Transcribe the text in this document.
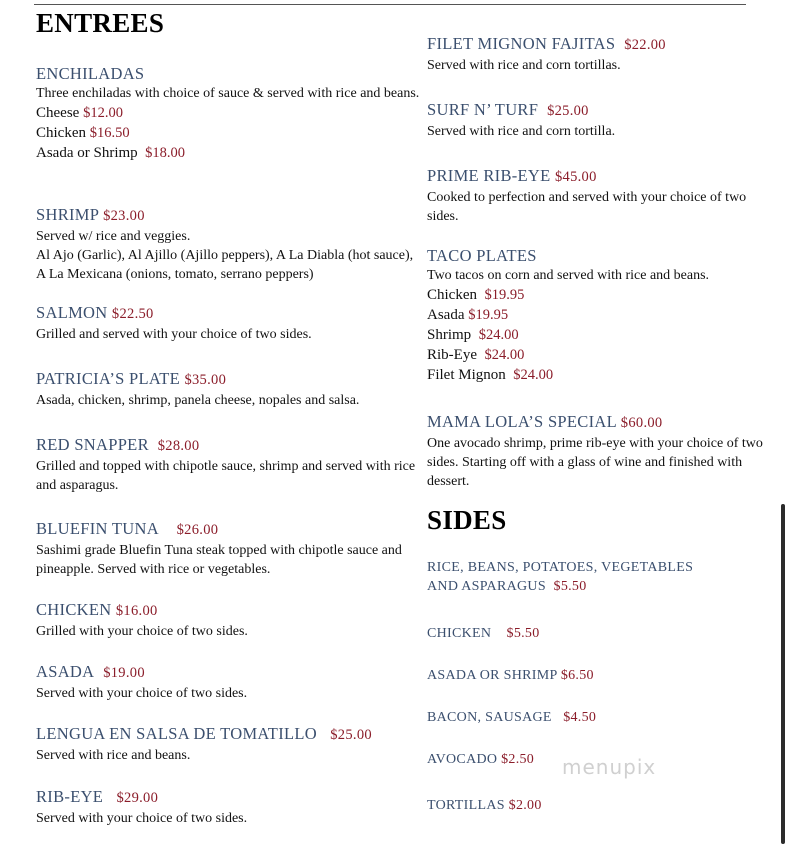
ENTREES
ENCHILADAS
Three enchiladas with choice of sauce & served with rice and beans.
Cheese $12.00
Chicken $16.50
Asada or Shrimp $18.00
SHRIMP $23.00
Served w/ rice and veggies.
Al Ajo (Garlic), Al Ajillo (Ajillo peppers), A La Diabla (hot sauce), A La Mexicana (onions, tomato, serrano peppers)
SALMON $22.50
Grilled and served with your choice of two sides.
PATRICIA’S PLATE $35.00
Asada, chicken, shrimp, panela cheese, nopales and salsa.
RED SNAPPER $28.00
Grilled and topped with chipotle sauce, shrimp and served with rice and asparagus.
BLUEFIN TUNA $26.00
Sashimi grade Bluefin Tuna steak topped with chipotle sauce and pineapple. Served with rice or vegetables.
CHICKEN $16.00
Grilled with your choice of two sides.
ASADA $19.00
Served with your choice of two sides.
LENGUA EN SALSA DE TOMATILLO $25.00
Served with rice and beans.
RIB-EYE $29.00
Served with your choice of two sides.
FILET MIGNON FAJITAS $22.00
Served with rice and corn tortillas.
SURF N’ TURF $25.00
Served with rice and corn tortilla.
PRIME RIB-EYE $45.00
Cooked to perfection and served with your choice of two sides.
TACO PLATES
Two tacos on corn and served with rice and beans.
Chicken $19.95
Asada $19.95
Shrimp $24.00
Rib-Eye $24.00
Filet Mignon $24.00
MAMA LOLA’S SPECIAL $60.00
One avocado shrimp, prime rib-eye with your choice of two sides. Starting off with a glass of wine and finished with dessert.
SIDES
RICE, BEANS, POTATOES, VEGETABLES AND ASPARAGUS $5.50
CHICKEN $5.50
ASADA OR SHRIMP $6.50
BACON, SAUSAGE $4.50
AVOCADO $2.50
TORTILLAS $2.00
menupix
